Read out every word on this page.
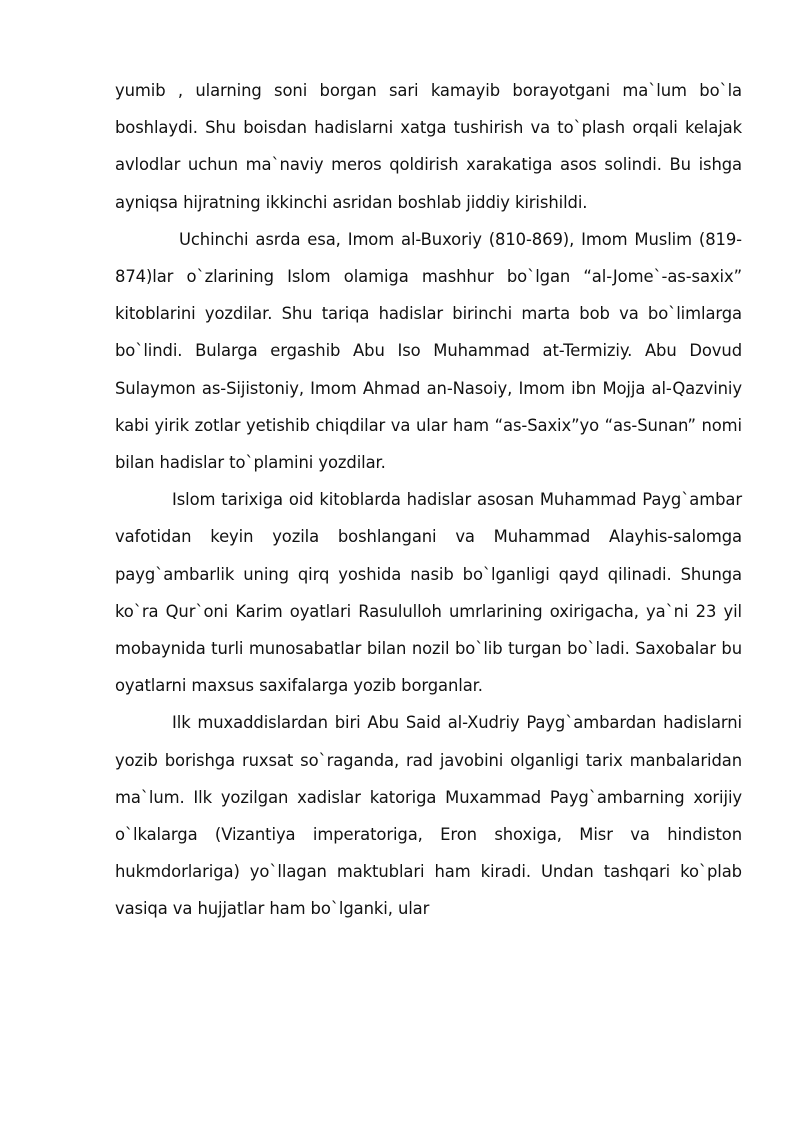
yumib , ularning soni borgan sari kamayib borayotgani ma`lum bo`la boshlaydi. Shu boisdan hadislarni xatga tushirish va to`plash orqali kelajak avlodlar uchun ma`naviy meros qoldirish xarakatiga asos solindi. Bu ishga ayniqsa hijratning ikkinchi asridan boshlab jiddiy kirishildi.

Uchinchi asrda esa, Imom al-Buxoriy (810-869), Imom Muslim (819-874)lar o`zlarining Islom olamiga mashhur bo`lgan “al-Jome`-as-saxix” kitoblarini yozdilar. Shu tariqa hadislar birinchi marta bob va bo`limlarga bo`lindi. Bularga ergashib Abu Iso Muhammad at-Termiziy. Abu Dovud Sulaymon as-Sijistoniy, Imom Ahmad an-Nasoiy, Imom ibn Mojja al-Qazviniy kabi yirik zotlar yetishib chiqdilar va ular ham “as-Saxix”yo “as-Sunan” nomi bilan hadislar to`plamini yozdilar.

Islom tarixiga oid kitoblarda hadislar asosan Muhammad Payg`ambar vafotidan keyin yozila boshlangani va Muhammad Alayhis-salomga payg`ambarlik uning qirq yoshida nasib bo`lganligi qayd qilinadi. Shunga ko`ra Qur`oni Karim oyatlari Rasululloh umrlarining oxirigacha, ya`ni 23 yil mobaynida turli munosabatlar bilan nozil bo`lib turgan bo`ladi. Saxobalar bu oyatlarni maxsus saxifalarga yozib borganlar.

Ilk muxaddislardan biri Abu Said al-Xudriy Payg`ambardan hadislarni yozib borishga ruxsat so`raganda, rad javobini olganligi tarix manbalaridan ma`lum. Ilk yozilgan xadislar katoriga Muxammad Payg`ambarning xorijiy o`lkalarga (Vizantiya imperatoriga, Eron shoxiga, Misr va hindiston hukmdorlariga) yo`llagan maktublari ham kiradi. Undan tashqari ko`plab vasiqa va hujjatlar ham bo`lganki, ular
